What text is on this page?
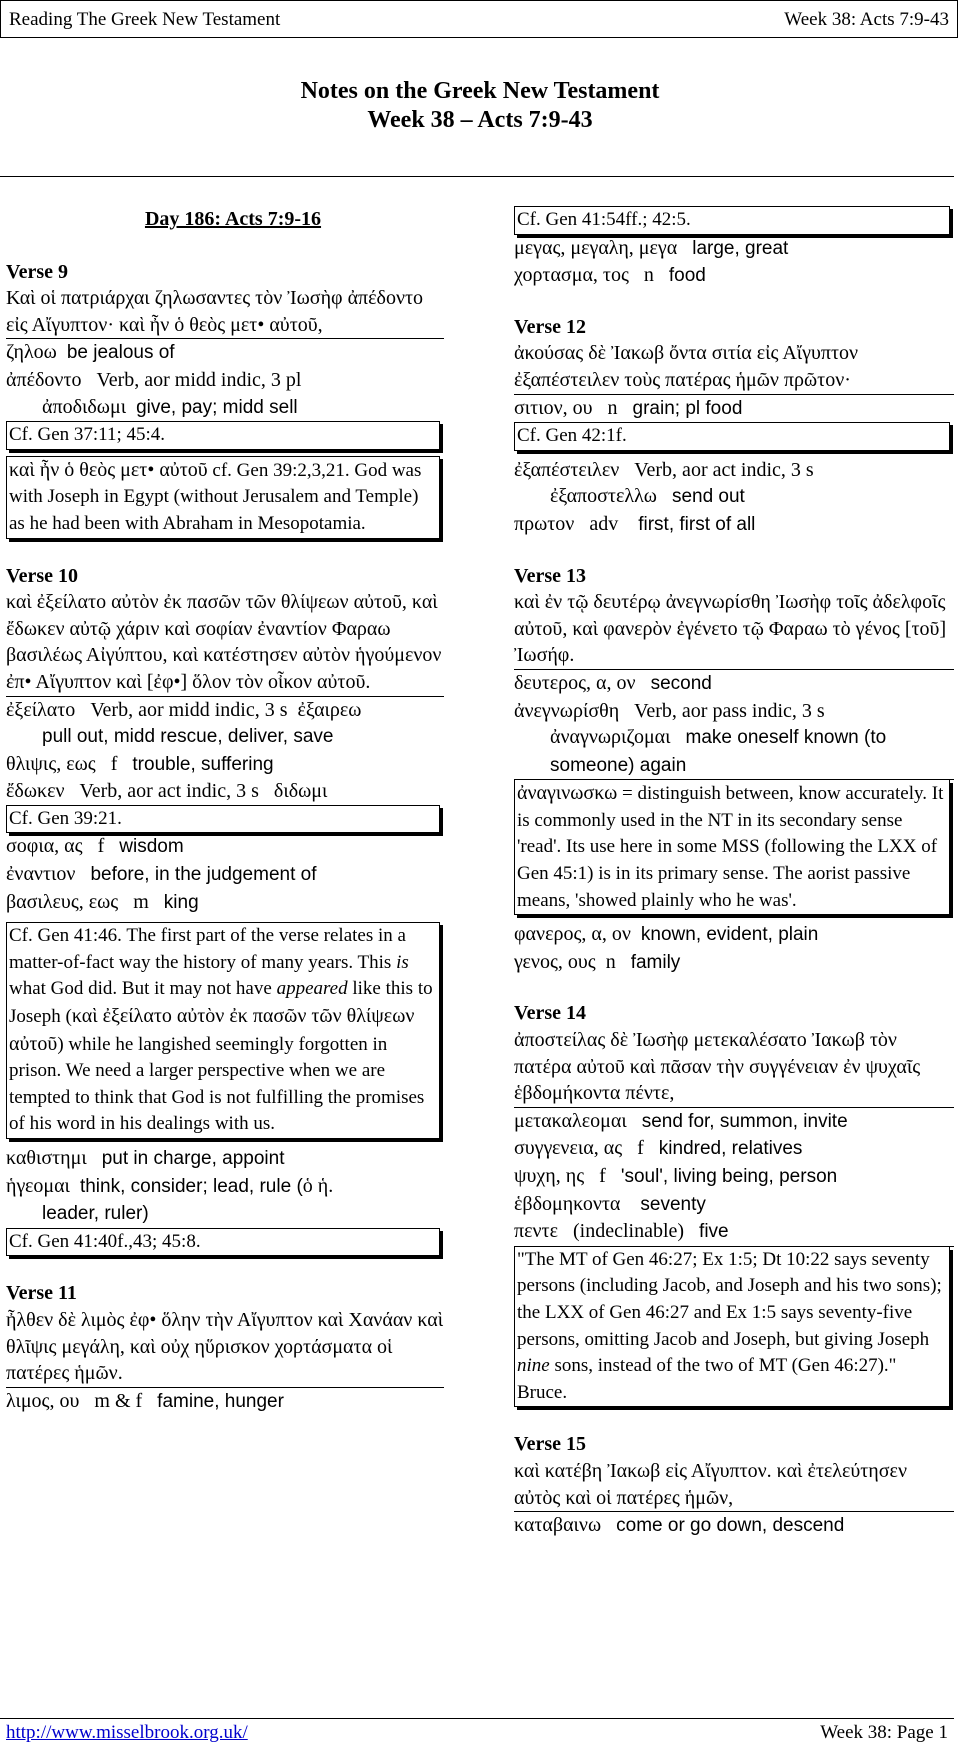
Reading The Greek New Testament	Week 38: Acts 7:9-43
Notes on the Greek New Testament
Week 38 – Acts 7:9-43
Day 186: Acts 7:9-16
Verse 9
Καὶ οἱ πατριάρχαι ζηλωσαντες τὸν Ἰωσὴφ ἀπέδοντο εἰς Αἴγυπτον· καὶ ἦν ὁ θεὸς μετ• αὐτοῦ,
ζηλοω be jealous of
ἀπέδοντο Verb, aor midd indic, 3 pl
ἀποδιδωμι give, pay; midd sell
Cf. Gen 37:11; 45:4.
καὶ ἦν ὁ θεὸς μετ• αὐτοῦ cf. Gen 39:2,3,21. God was with Joseph in Egypt (without Jerusalem and Temple) as he had been with Abraham in Mesopotamia.
Verse 10
καὶ ἐξείλατο αὐτὸν ἐκ πασῶν τῶν θλίψεων αὐτοῦ, καὶ ἔδωκεν αὐτῷ χάριν καὶ σοφίαν ἐναντίον Φαραω βασιλέως Αἰγύπτου, καὶ κατέστησεν αὐτὸν ἡγούμενον ἐπ• Αἴγυπτον καὶ [ἐφ•] ὅλον τὸν οἶκον αὐτοῦ.
ἐξείλατο Verb, aor midd indic, 3 s ἐξαιρεω
pull out, midd rescue, deliver, save
θλιψις, εως f trouble, suffering
ἔδωκεν Verb, aor act indic, 3 s διδωμι
Cf. Gen 39:21.
σοφια, ας f wisdom
ἐναντιον before, in the judgement of
βασιλευς, εως m king
Cf. Gen 41:46. The first part of the verse relates in a matter-of-fact way the history of many years. This is what God did. But it may not have appeared like this to Joseph (καὶ ἐξείλατο αὐτὸν ἐκ πασῶν τῶν θλίψεων αὐτοῦ) while he langished seemingly forgotten in prison. We need a larger perspective when we are tempted to think that God is not fulfilling the promises of his word in his dealings with us.
καθιστημι put in charge, appoint
ἡγεομαι think, consider; lead, rule (ὁ ἡ.
leader, ruler)
Cf. Gen 41:40f.,43; 45:8.
Verse 11
ἦλθεν δὲ λιμὸς ἐφ• ὅλην τὴν Αἴγυπτον καὶ Χανάαν καὶ θλῖψις μεγάλη, καὶ οὐχ ηὕρισκον χορτάσματα οἱ πατέρες ἡμῶν.
λιμος, ου m & f famine, hunger
Cf. Gen 41:54ff.; 42:5.
μεγας, μεγαλη, μεγα large, great
χορτασμα, τος n food
Verse 12
ἀκούσας δὲ Ἰακωβ ὄντα σιτία εἰς Αἴγυπτον ἐξαπέστειλεν τοὺς πατέρας ἡμῶν πρῶτον·
σιτιον, ου n grain; pl food
Cf. Gen 42:1f.
ἐξαπέστειλεν Verb, aor act indic, 3 s
ἐξαποστελλω send out
πρωτον adv first, first of all
Verse 13
καὶ ἐν τῷ δευτέρῳ ἀνεγνωρίσθη Ἰωσὴφ τοῖς ἀδελφοῖς αὐτοῦ, καὶ φανερὸν ἐγένετο τῷ Φαραω τὸ γένος [τοῦ] Ἰωσήφ.
δευτερος, α, ον second
ἀνεγνωρίσθη Verb, aor pass indic, 3 s
ἀναγνωριζομαι make oneself known (to someone) again
ἀναγινωσκω = distinguish between, know accurately. It is commonly used in the NT in its secondary sense 'read'. Its use here in some MSS (following the LXX of Gen 45:1) is in its primary sense. The aorist passive means, 'showed plainly who he was'.
φανερος, α, ον known, evident, plain
γενος, ους n family
Verse 14
ἀποστείλας δὲ Ἰωσὴφ μετεκαλέσατο Ἰακωβ τὸν πατέρα αὐτοῦ καὶ πᾶσαν τὴν συγγένειαν ἐν ψυχαῖς ἑβδομήκοντα πέντε,
μετακαλεομαι send for, summon, invite
συγγενεια, ας f kindred, relatives
ψυχη, ης f 'soul', living being, person
ἑβδομηκοντα seventy
πεντε (indeclinable) five
"The MT of Gen 46:27; Ex 1:5; Dt 10:22 says seventy persons (including Jacob, and Joseph and his two sons); the LXX of Gen 46:27 and Ex 1:5 says seventy-five persons, omitting Jacob and Joseph, but giving Joseph nine sons, instead of the two of MT (Gen 46:27)." Bruce.
Verse 15
καὶ κατέβη Ἰακωβ εἰς Αἴγυπτον. καὶ ἐτελεύτησεν αὐτὸς καὶ οἱ πατέρες ἡμῶν,
καταβαινω come or go down, descend
http://www.misselbrook.org.uk/	Week 38: Page 1
